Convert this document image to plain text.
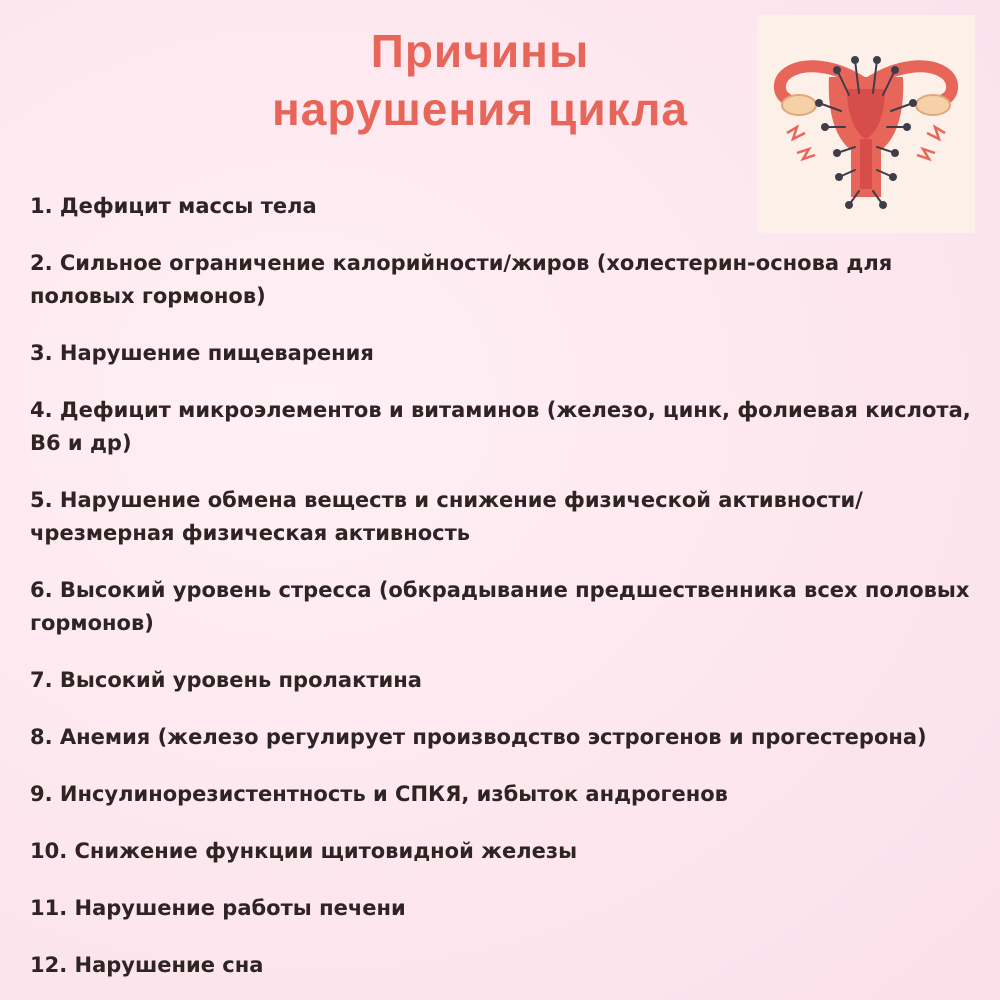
Причины
нарушения цикла

1. Дефицит массы тела

2. Сильное ограничение калорийности/жиров (холестерин-основа для половых гормонов)

3. Нарушение пищеварения

4. Дефицит микроэлементов и витаминов (железо, цинк, фолиевая кислота, В6 и др)

5. Нарушение обмена веществ и снижение физической активности/чрезмерная физическая активность

6. Высокий уровень стресса (обкрадывание предшественника всех половых гормонов)

7. Высокий уровень пролактина

8. Анемия (железо регулирует производство эстрогенов и прогестерона)

9. Инсулинорезистентность и СПКЯ, избыток андрогенов

10. Снижение функции щитовидной железы

11. Нарушение работы печени

12. Нарушение сна
